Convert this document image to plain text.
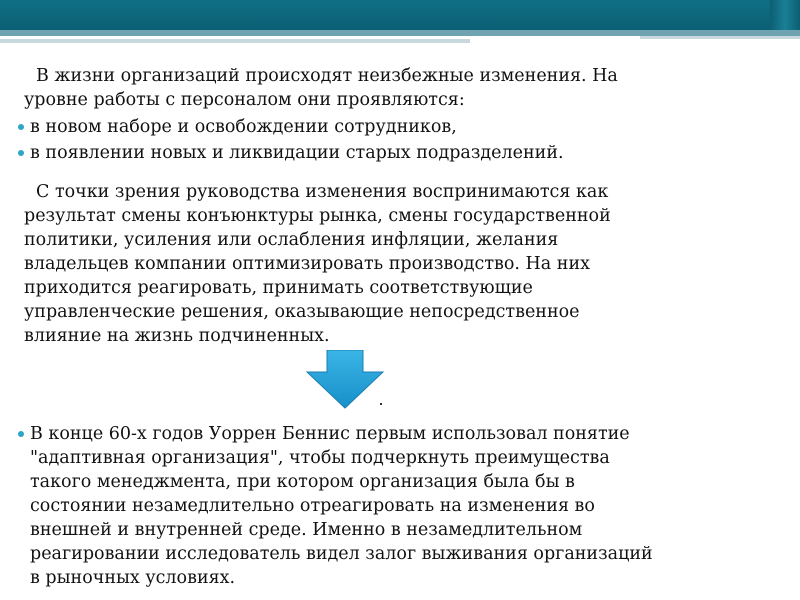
В жизни организаций происходят неизбежные изменения. На
уровне работы с персоналом они проявляются:
в новом наборе и освобождении сотрудников,
в появлении новых и ликвидации старых подразделений.
С точки зрения руководства изменения воспринимаются как
результат смены конъюнктуры рынка, смены государственной
политики, усиления или ослабления инфляции, желания
владельцев компании оптимизировать производство. На них
приходится реагировать, принимать соответствующие
управленческие решения, оказывающие непосредственное
влияние на жизнь подчиненных.
В конце 60-х годов Уоррен Беннис первым использовал понятие
"адаптивная организация", чтобы подчеркнуть преимущества
такого менеджмента, при котором организация была бы в
состоянии незамедлительно отреагировать на изменения во
внешней и внутренней среде. Именно в незамедлительном
реагировании исследователь видел залог выживания организаций
в рыночных условиях.
